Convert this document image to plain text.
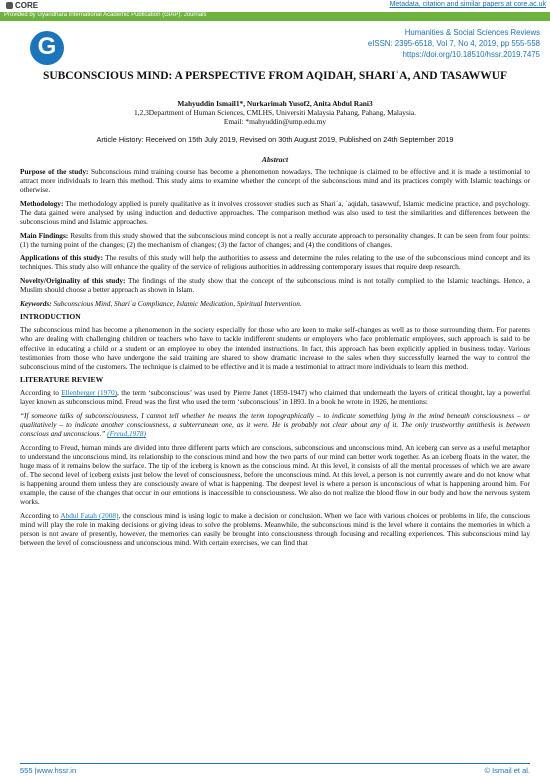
CORE	Metadata, citation and similar papers at core.ac.uk
Provided by Gyandhara International Academic Publication (GIAP): Journals
G
Humanities & Social Sciences Reviews
eISSN: 2395-6518, Vol 7, No 4, 2019, pp 555-558
https://doi.org/10.18510/hssr.2019.7475
SUBCONSCIOUS MIND: A PERSPECTIVE FROM AQIDAH, SHARIʿA, AND TASAWWUF
Mahyuddin Ismail1*, Nurkarimah Yusof2, Anita Abdul Rani3
1,2,3Department of Human Sciences, CMLHS, Universiti Malaysia Pahang, Pahang, Malaysia.
Email: *mahyuddin@ump.edu.my
Article History: Received on 15th July 2019, Revised on 30th August 2019, Published on 24th September 2019
Abstract

Purpose of the study: Subconscious mind training course has become a phenomenon nowadays. The technique is claimed to be effective and it is made a testimonial to attract more individuals to learn this method. This study aims to examine whether the concept of the subconscious mind and its practices comply with Islamic teachings or otherwise.

Methodology: The methodology applied is purely qualitative as it involves crossover studies such as Shariʿa, ʿaqidah, tasawwuf, Islamic medicine practice, and psychology. The data gained were analysed by using induction and deductive approaches. The comparison method was also used to test the similarities and differences between the subconscious mind and Islamic approaches.

Main Findings: Results from this study showed that the subconscious mind concept is not a really accurate approach to personality changes. It can be seen from four points: (1) the turning point of the changes; (2) the mechanism of changes; (3) the factor of changes; and (4) the conditions of changes.

Applications of this study: The results of this study will help the authorities to assess and determine the rules relating to the use of the subconscious mind concept and its techniques. This study also will enhance the quality of the service of religious authorities in addressing contemporary issues that require deep research.

Novelty/Originality of this study: The findings of the study show that the concept of the subconscious mind is not totally complied to the Islamic teachings. Hence, a Muslim should choose a better approach as shown in Islam.

Keywords: Subconscious Mind, Shariʿa Compliance, Islamic Medication, Spiritual Intervention.

INTRODUCTION

The subconscious mind has become a phenomenon in the society especially for those who are keen to make self-changes as well as to those surrounding them. For parents who are dealing with challenging children or teachers who have to tackle indifferent students or employers who face problematic employees, such approach is said to be effective in educating a child or a student or an employee to obey the intended instructions. In fact, this approach has been explicitly applied in business today. Various testimonies from those who have undergone the said training are shared to show dramatic increase to the sales when they successfully learned the way to control the subconscious mind of the customers. The technique is claimed to be effective and it is made a testimonial to attract more individuals to learn this method.

LITERATURE REVIEW

According to Ellenberger (1970), the term ‘subconscious’ was used by Pierre Janet (1859-1947) who claimed that underneath the layers of critical thought, lay a powerful layer known as subconscious mind. Freud was the first who used the term ‘subconscious’ in 1893. In a book he wrote in 1926, he mentions:

“If someone talks of subconsciousness, I cannot tell whether he means the term topographically – to indicate something lying in the mind beneath consciousness – or qualitatively – to indicate another consciousness, a subterranean one, as it were. He is probably not clear about any of it. The only trustworthy antithesis is between conscious and unconscious.” (Freud,1978)

According to Freud, human minds are divided into three different parts which are conscious, subconscious and unconscious mind. An iceberg can serve as a useful metaphor to understand the unconscious mind, its relationship to the conscious mind and how the two parts of our mind can better work together. As an iceberg floats in the water, the huge mass of it remains below the surface. The tip of the iceberg is known as the conscious mind. At this level, it consists of all the mental processes of which we are aware of. The second level of iceberg exists just below the level of consciousness, before the unconscious mind. At this level, a person is not currently aware and do not know what is happening around them unless they are consciously aware of what is happening. The deepest level is where a person is unconscious of what is happening around him. For example, the cause of the changes that occur in our emotions is inaccessible to consciousness. We also do not realize the blood flow in our body and how the nervous system works.

According to Abdul Fatah (2008), the conscious mind is using logic to make a decision or conclusion. When we face with various choices or problems in life, the conscious mind will play the role in making decisions or giving ideas to solve the problems. Meanwhile, the subconscious mind is the level where it contains the memories in which a person is not aware of presently, however, the memories can easily be brought into consciousness through focusing and recalling experiences. This subconscious mind lay between the level of consciousness and unconscious mind. With certain exercises, we can find that

555 |www.hssr.in	© Ismail et al.
